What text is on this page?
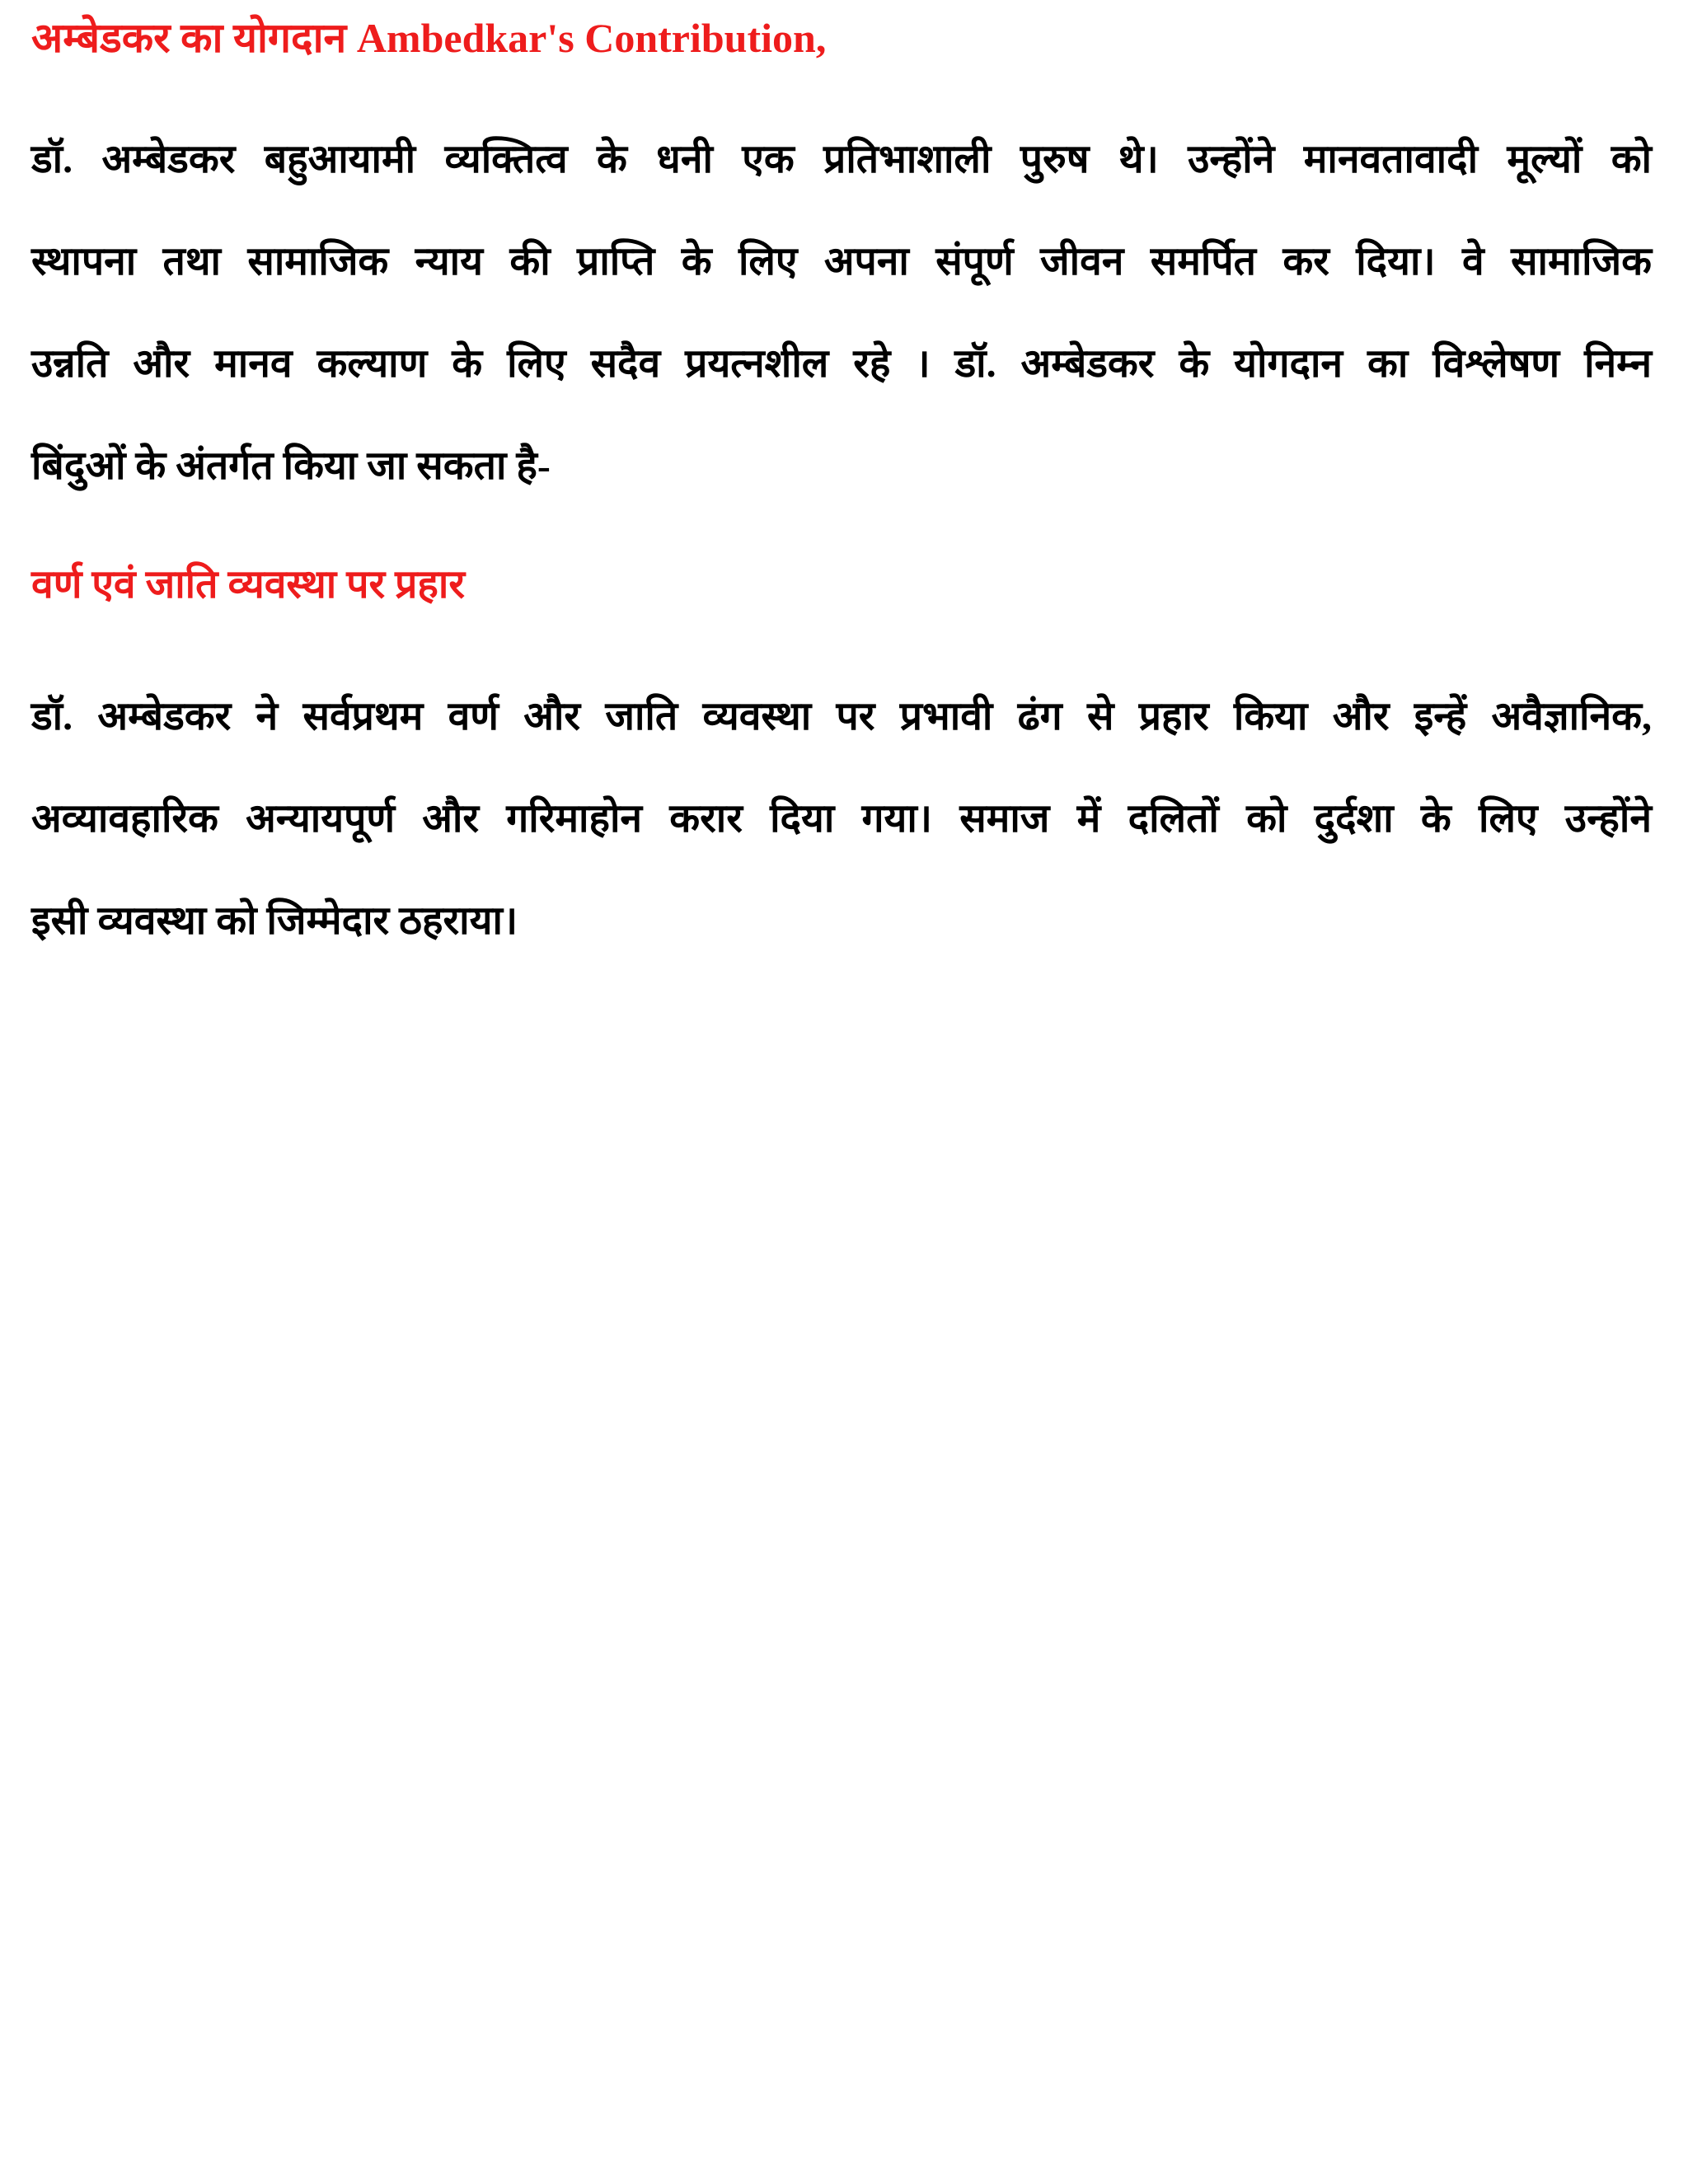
अम्बेडकर का योगदान Ambedkar's Contribution,

डॉ. अम्बेडकर बहुआयामी व्यक्तित्व के धनी एक प्रतिभाशाली पुरुष थे। उन्होंने मानवतावादी मूल्यों को
स्थापना तथा सामाजिक न्याय की प्राप्ति के लिए अपना संपूर्ण जीवन समर्पित कर दिया। वे सामाजिक
उन्नति और मानव कल्याण के लिए सदैव प्रयत्नशील रहे । डॉ. अम्बेडकर के योगदान का विश्लेषण निम्न
बिंदुओं के अंतर्गत किया जा सकता है-

वर्ण एवं जाति व्यवस्था पर प्रहार

डॉ. अम्बेडकर ने सर्वप्रथम वर्ण और जाति व्यवस्था पर प्रभावी ढंग से प्रहार किया और इन्हें अवैज्ञानिक,
अव्यावहारिक अन्यायपूर्ण और गरिमाहोन करार दिया गया। समाज में दलितों को दुर्दशा के लिए उन्होंने
इसी व्यवस्था को जिम्मेदार ठहराया।
